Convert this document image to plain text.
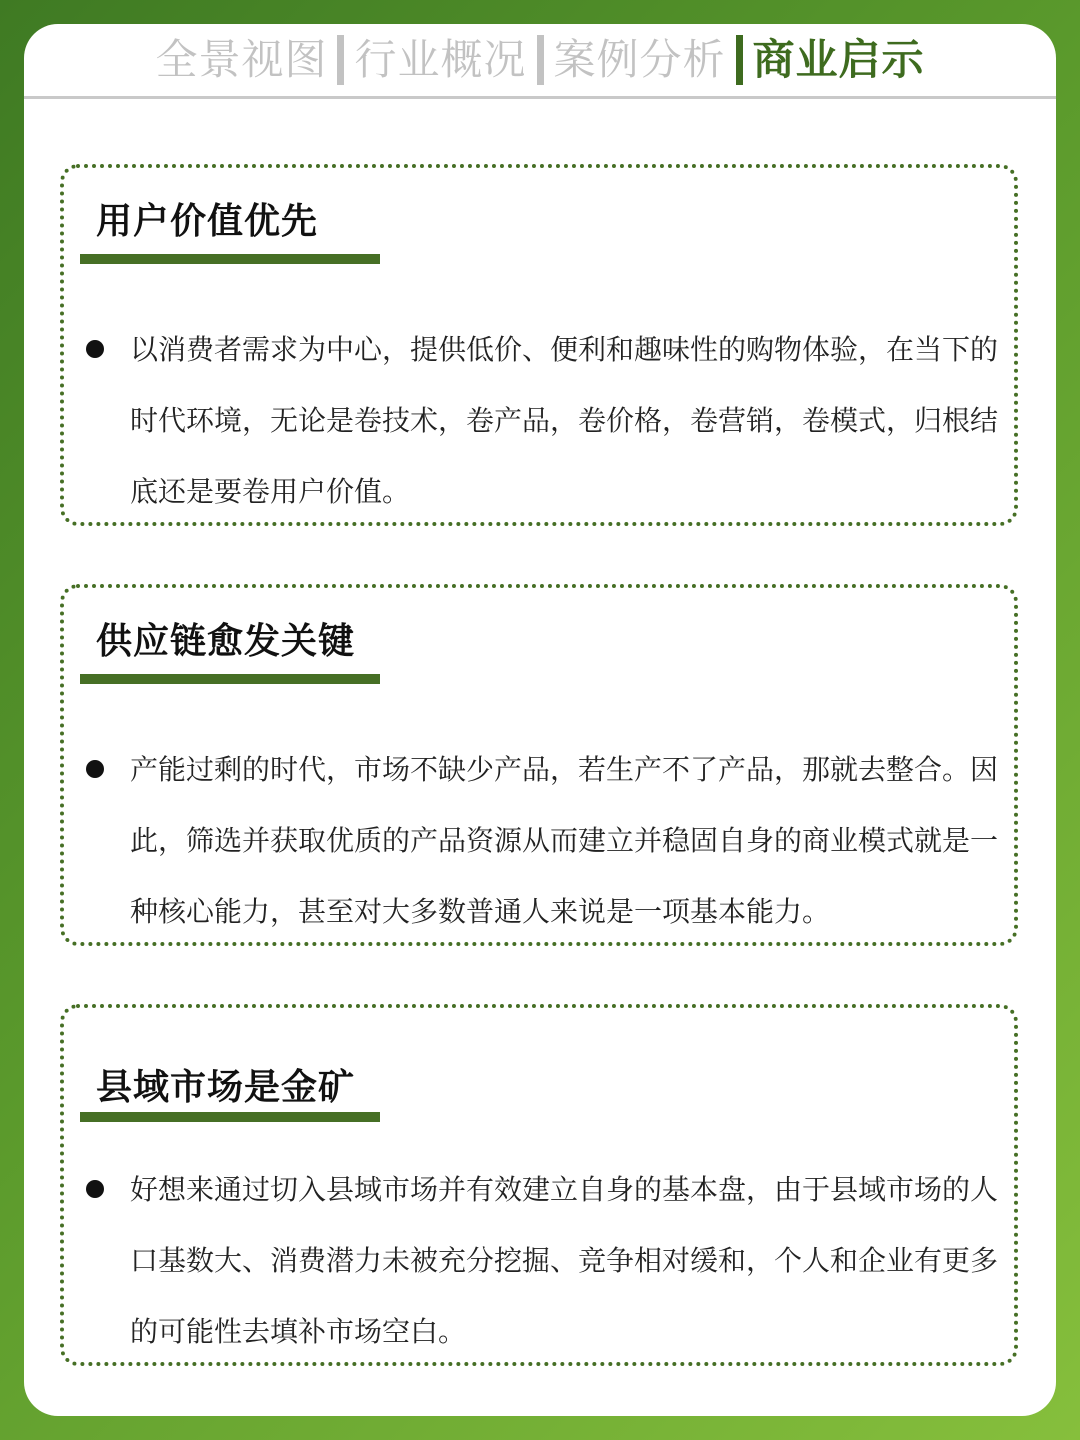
全景视图 行业概况 案例分析 商业启示
用户价值优先
以消费者需求为中心，提供低价、便利和趣味性的购物体验，在当下的时代环境，无论是卷技术，卷产品，卷价格，卷营销，卷模式，归根结底还是要卷用户价值。
供应链愈发关键
产能过剩的时代，市场不缺少产品，若生产不了产品，那就去整合。因此，筛选并获取优质的产品资源从而建立并稳固自身的商业模式就是一种核心能力，甚至对大多数普通人来说是一项基本能力。
县域市场是金矿
好想来通过切入县域市场并有效建立自身的基本盘，由于县域市场的人口基数大、消费潜力未被充分挖掘、竞争相对缓和，个人和企业有更多的可能性去填补市场空白。
